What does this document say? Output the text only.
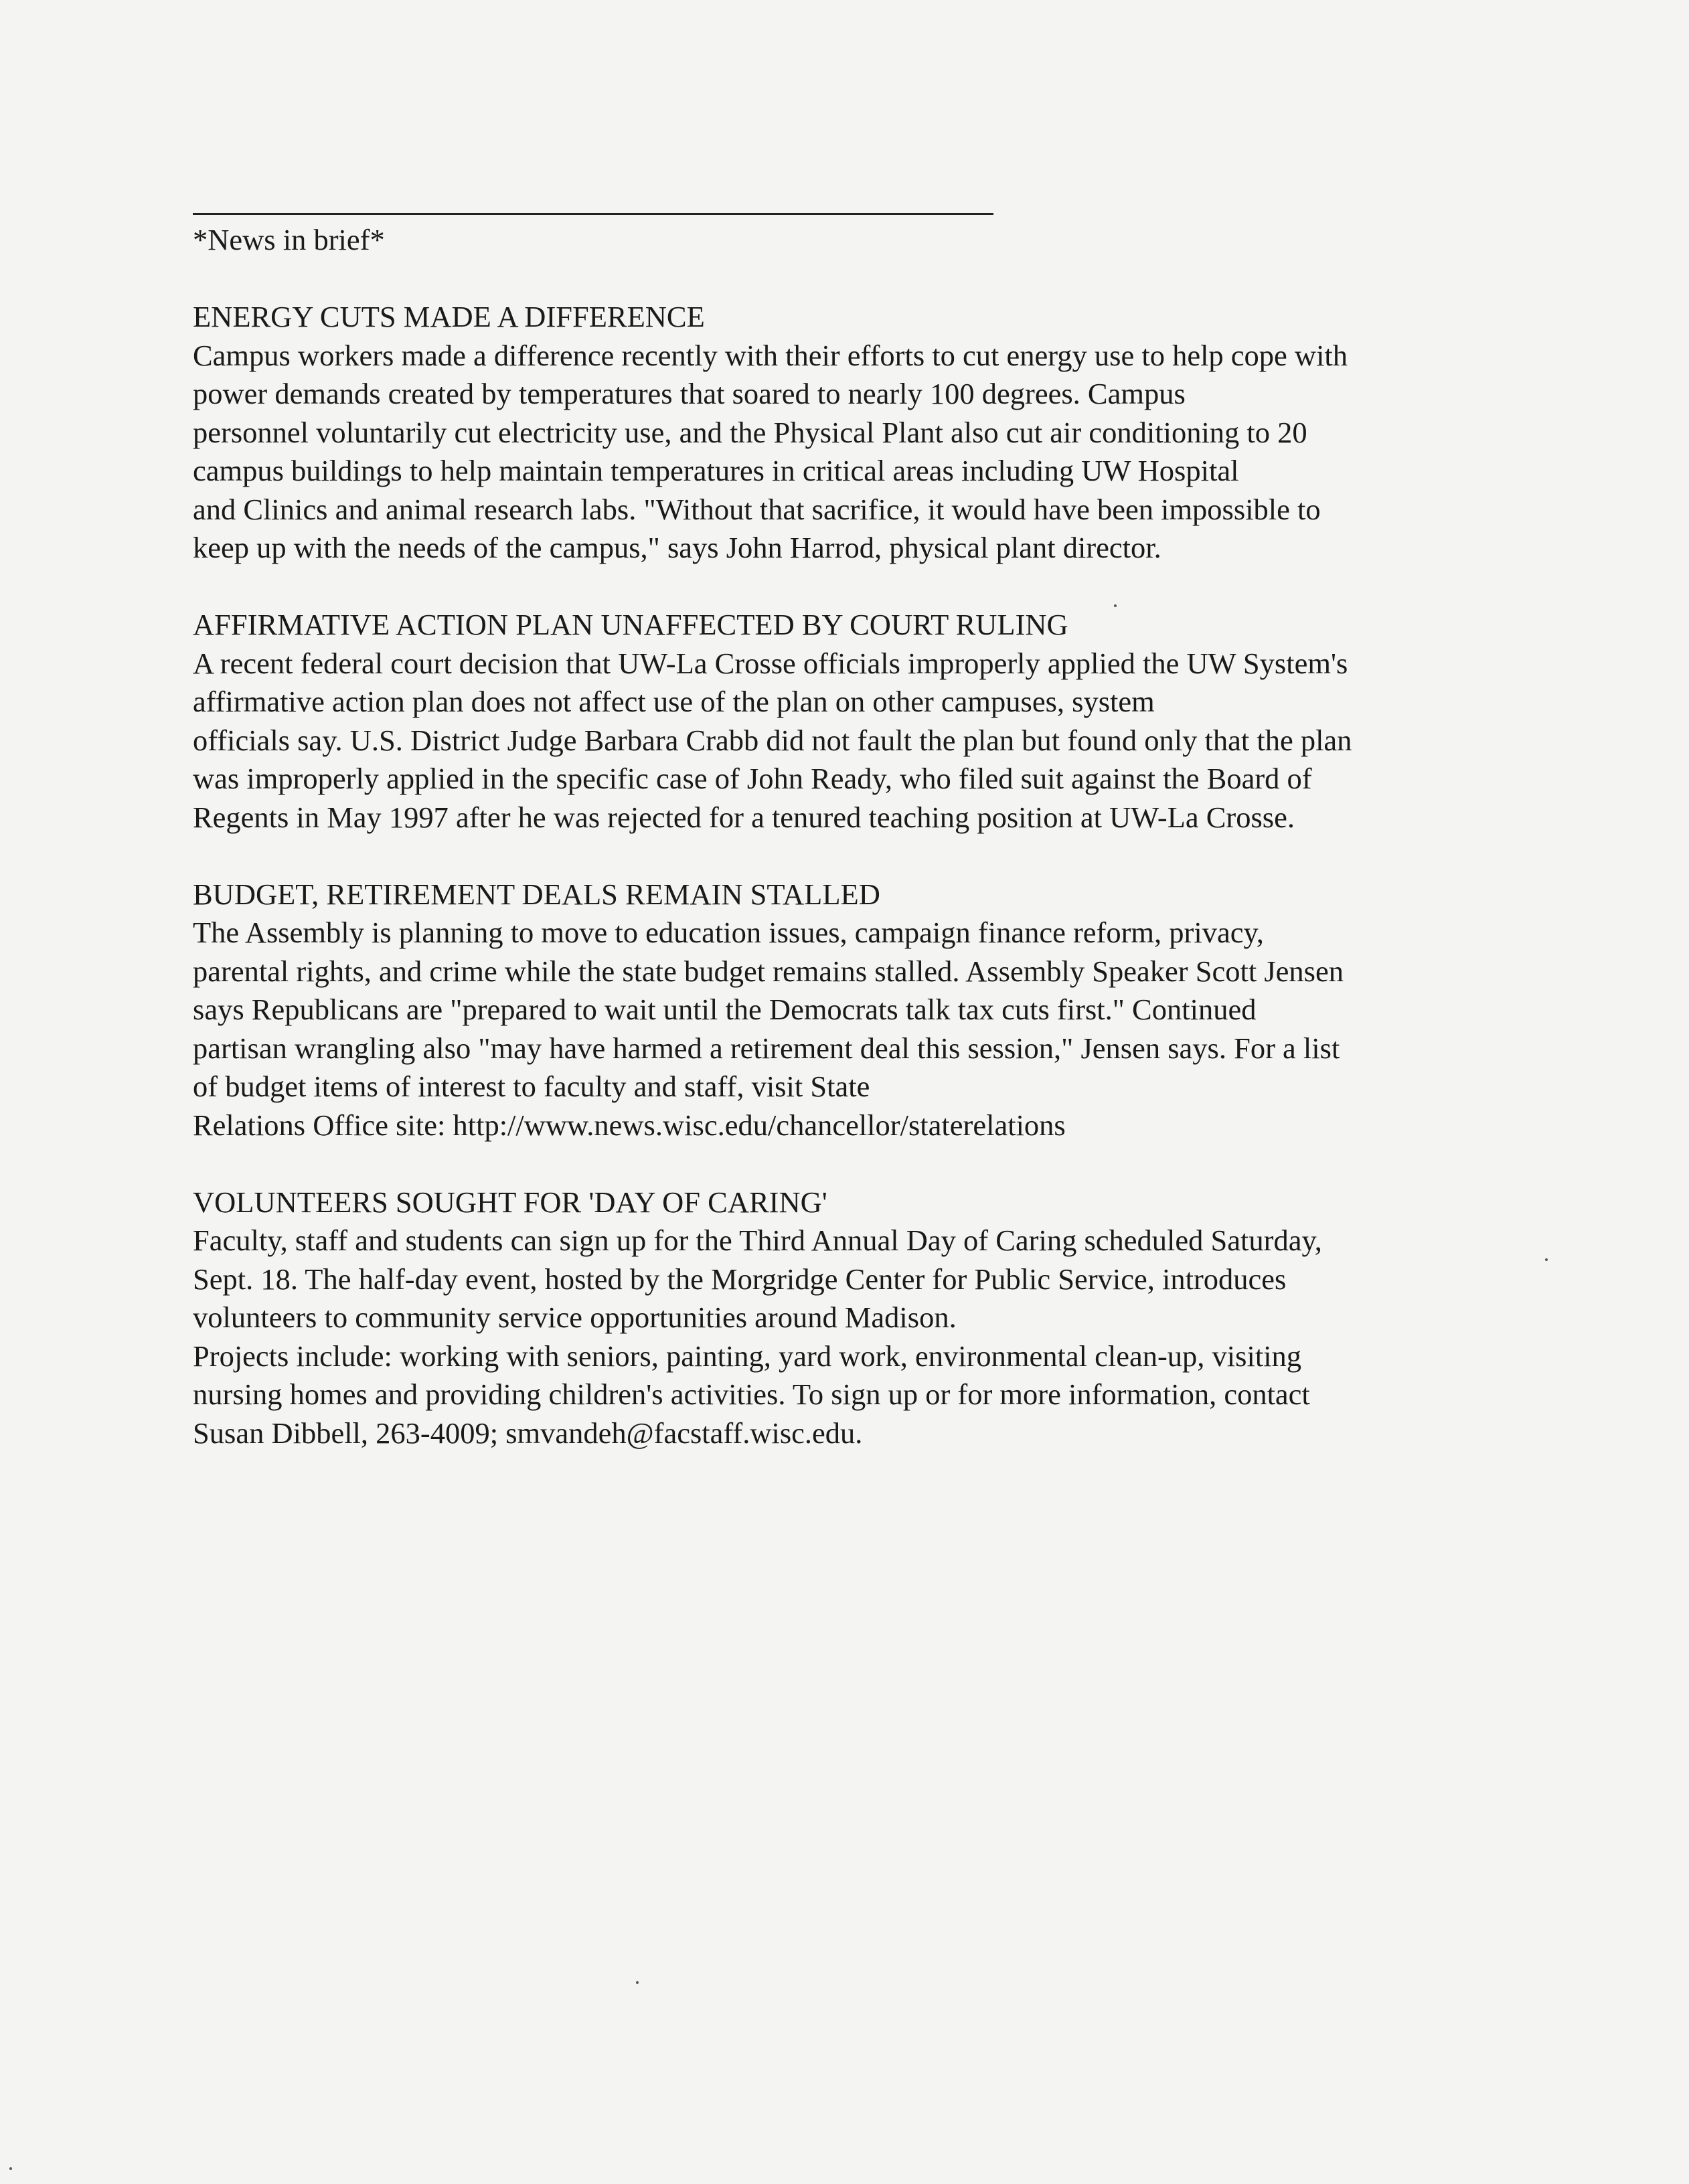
*News in brief*
ENERGY CUTS MADE A DIFFERENCE
Campus workers made a difference recently with their efforts to cut energy use to help cope with
power demands created by temperatures that soared to nearly 100 degrees. Campus
personnel voluntarily cut electricity use, and the Physical Plant also cut air conditioning to 20
campus buildings to help maintain temperatures in critical areas including UW Hospital
and Clinics and animal research labs. "Without that sacrifice, it would have been impossible to
keep up with the needs of the campus," says John Harrod, physical plant director.
AFFIRMATIVE ACTION PLAN UNAFFECTED BY COURT RULING
A recent federal court decision that UW-La Crosse officials improperly applied the UW System's
affirmative action plan does not affect use of the plan on other campuses, system
officials say. U.S. District Judge Barbara Crabb did not fault the plan but found only that the plan
was improperly applied in the specific case of John Ready, who filed suit against the Board of
Regents in May 1997 after he was rejected for a tenured teaching position at UW-La Crosse.
BUDGET, RETIREMENT DEALS REMAIN STALLED
The Assembly is planning to move to education issues, campaign finance reform, privacy,
parental rights, and crime while the state budget remains stalled. Assembly Speaker Scott Jensen
says Republicans are "prepared to wait until the Democrats talk tax cuts first." Continued
partisan wrangling also "may have harmed a retirement deal this session," Jensen says. For a list
of budget items of interest to faculty and staff, visit State
Relations Office site: http://www.news.wisc.edu/chancellor/staterelations
VOLUNTEERS SOUGHT FOR 'DAY OF CARING'
Faculty, staff and students can sign up for the Third Annual Day of Caring scheduled Saturday,
Sept. 18. The half-day event, hosted by the Morgridge Center for Public Service, introduces
volunteers to community service opportunities around Madison.
Projects include: working with seniors, painting, yard work, environmental clean-up, visiting
nursing homes and providing children's activities. To sign up or for more information, contact
Susan Dibbell, 263-4009; smvandeh@facstaff.wisc.edu.
